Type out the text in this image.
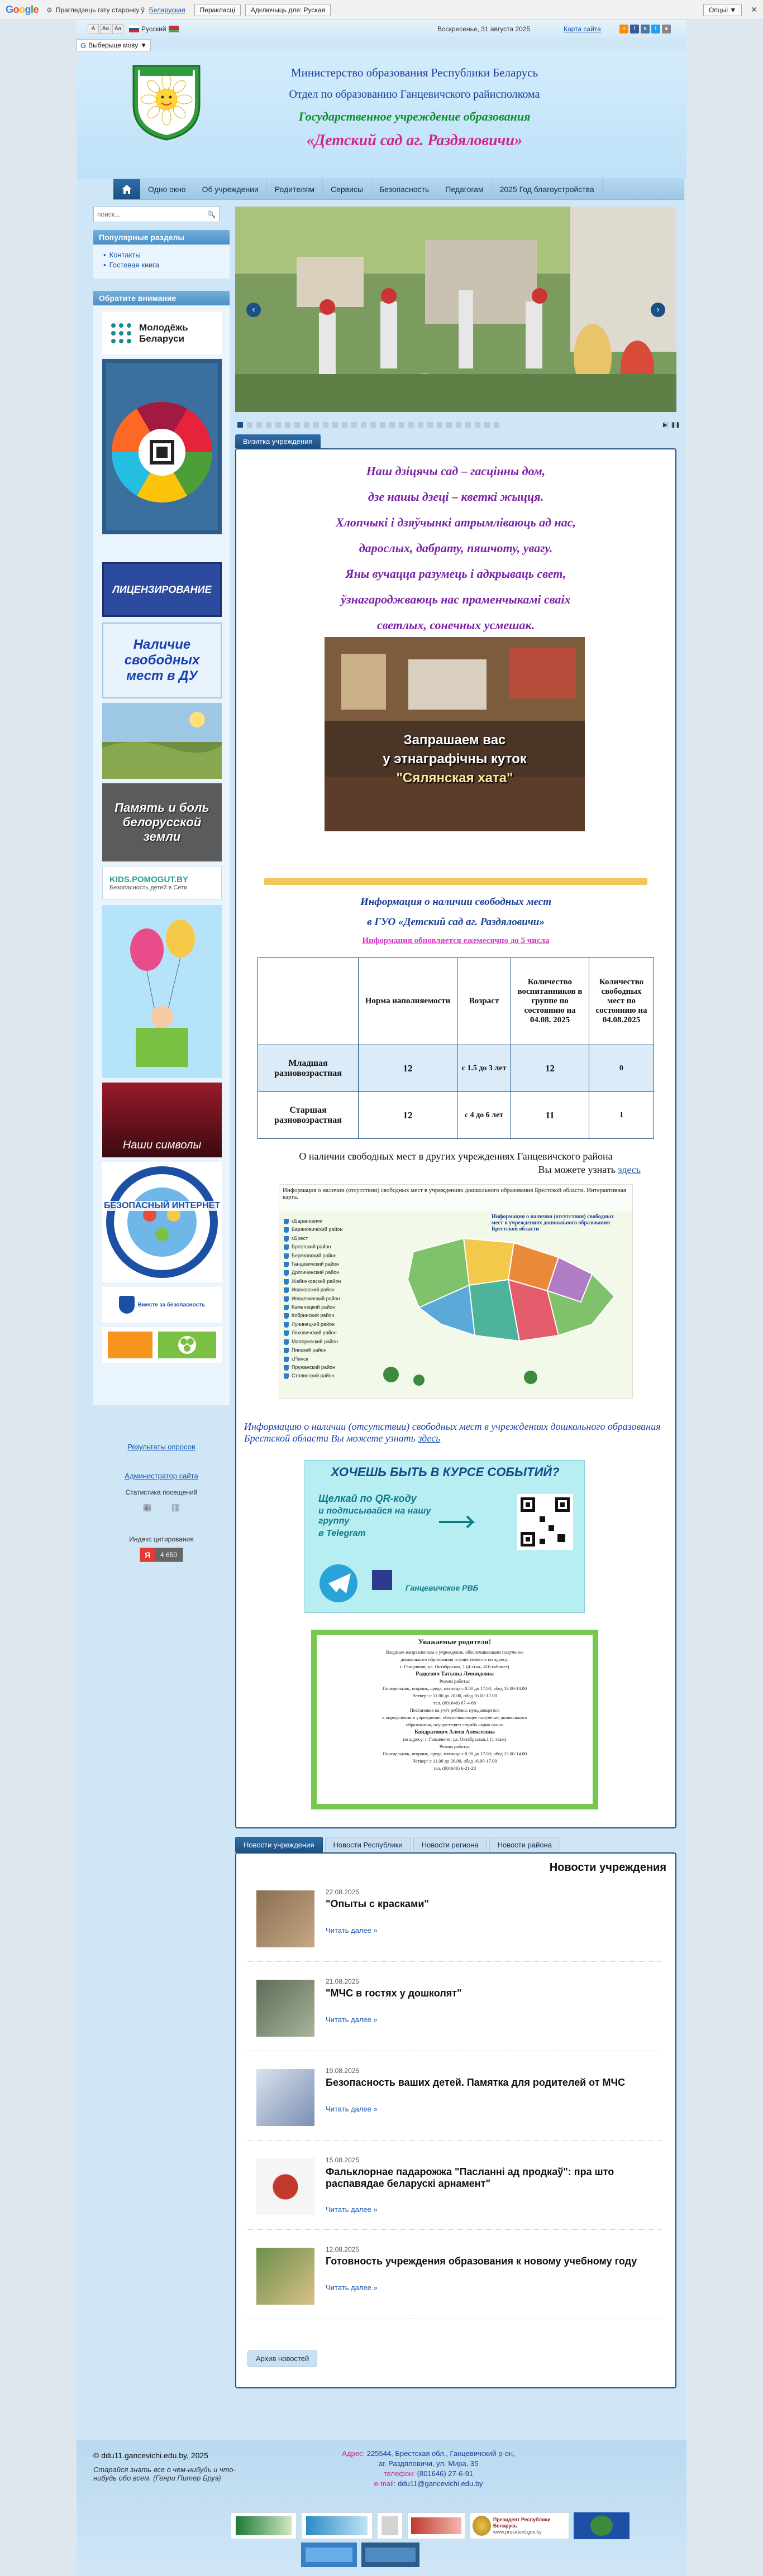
Google ⚙ Прагледзець гэту старонку ў Беларуская	Перакласці	Адключыць для: Руская	Опцыі ▼	✕
A	Aa Aa	Русский	Воскресенье, 31 августа 2025	Карта сайта	о	f	в	t	●
G Выберыце мову ▼
Министерство образования Республики Беларусь
Отдел по образованию Ганцевичского райисполкома
Государственное учреждение образования
«Детский сад аг. Раздяловичи»
Одно окно	Об учреждении	Родителям	Сервисы	Безопасность	Педагогам	2025 Год благоустройства
поиск...
🔍
Популярные разделы
• Контакты
• Гостевая книга
Обратите внимание
Молодёжь Беларуси
ЛИЦЕНЗИРОВАНИЕ
Наличие свободных мест в ДУ
Память и боль белорусской земли
KIDS.POMOGUT.BY
Безопасность детей в Сети
Наши символы
БЕЗОПАСНЫЙ ИНТЕРНЕТ
Вместе за безопасность
Результаты опросов
Администратор сайта
Статистика посещений
▦ ▥
Индекс цитирования
Я	4 650
‹	›
▶ ❚❚
Визитка учреждения
Наш дзіцячы сад – гасцінны дом,
дзе нашы дзеці – кветкі жыцця.
Хлопчыкі і дзяўчынкі атрымліваюць ад нас,
дарослых, дабрату, пяшчоту, увагу.
Яны вучацца разумець і адкрываць свет,
ўзнагароджваюць нас праменчыкамі сваіх
светлых, сонечных усмешак.
Запрашаем вас
у этнаграфічны куток
"Сялянская хата"
Информация о наличии свободных мест
в ГУО «Детский сад аг. Раздяловичи»
Информация обновляется ежемесячно до 5 числа
	Норма наполняемости	Возраст	Количество воспитанников в группе по состоянию на 04.08. 2025	Количество свободных мест по состоянию на 04.08.2025
Младшая разновозрастная	12	с 1.5 до 3 лет	12	0
Старшая разновозрастная	12	с 4 до 6 лет	11	1
О наличии свободных мест в других учреждениях Ганцевичского района
Вы можете узнать здесь
Информация о наличии (отсутствии) свободных мест в учреждениях дошкольного образования Брестской области. Интерактивная карта.
Информация о наличии (отсутствии) свободных мест в учреждениях дошкольного образования Брестской области
г.Барановичи
Барановичский район
г.Брест
Брестский район
Березовский район
Ганцевичский район
Дрогичинский район
Жабинковский район
Ивановский район
Ивацевичский район
Каменецкий район
Кобринский район
Лунинецкий район
Ляховичский район
Малоритский район
Пинский район
г.Пинск
Пружанский район
Столинский район
Информацию о наличии (отсутствии) свободных мест в учреждениях дошкольного образования Брестской области Вы можете узнать здесь
ХОЧЕШЬ БЫТЬ В КУРСЕ СОБЫТИЙ?
Щелкай по QR-коду
и подписывайся на нашу группу
в Telegram
Ганцевичское РВБ
Уважаемые родители!
Входным направлением в учреждение, обеспечивающим получение
дошкольного образования осуществляется по адресу:
г. Ганцевичи, ул. Октябрьская, 1 (4 этаж, 410 кабинет)
Радкевич Татьяна Леонидовна
Режим работы:
Понедельник, вторник, среда, пятница с 8.00 до 17.00; обед 13.00-14.00
Четверг с 11.00 до 20.00, обед 16.00-17.00
тел. (801646) 67-4-68
Постановка на учёт ребёнка, нуждающегося
в определении в учреждение, обеспечивающее получение дошкольного
образования, осуществляет служба «одно окно»
Кондратович Алеся Алексеевна
по адресу: г. Ганцевичи, ул. Октябрьская,1 (1 этаж)
Режим работы:
Понедельник, вторник, среда, пятница с 8.00 до 17.00; обед 13.00-14.00
Четверг с 11.00 до 20.00, обед 16.00-17.00
тел. (801646) 6-21-20
Новости учреждения	Новости Республики	Новости региона	Новости района
Новости учреждения
22.08.2025
"Опыты с красками"
Читать далее »
21.08.2025
"МЧС в гостях у дошколят"
Читать далее »
19.08.2025
Безопасность ваших детей. Памятка для родителей от МЧС
Читать далее »
15.08.2025
Фальклорнае падарожжа "Пасланні ад продкаў": пра што распавядае беларускі арнамент"
Читать далее »
12.08.2025
Готовность учреждения образования к новому учебному году
Читать далее »
Архив новостей
© ddu11.gancevichi.edu.by, 2025
Старайся знать все о чем-нибудь и что-нибудь обо всем. (Генри Питер Бруэ)
Адрес: 225544, Брестская обл., Ганцевичский р-он,
аг. Раздяловичи, ул. Мира, 35
телефон: (801646) 27-6-91
e-mail: ddu11@gancevichi.edu.by
Президент Республики Беларусь
www.president.gov.by
